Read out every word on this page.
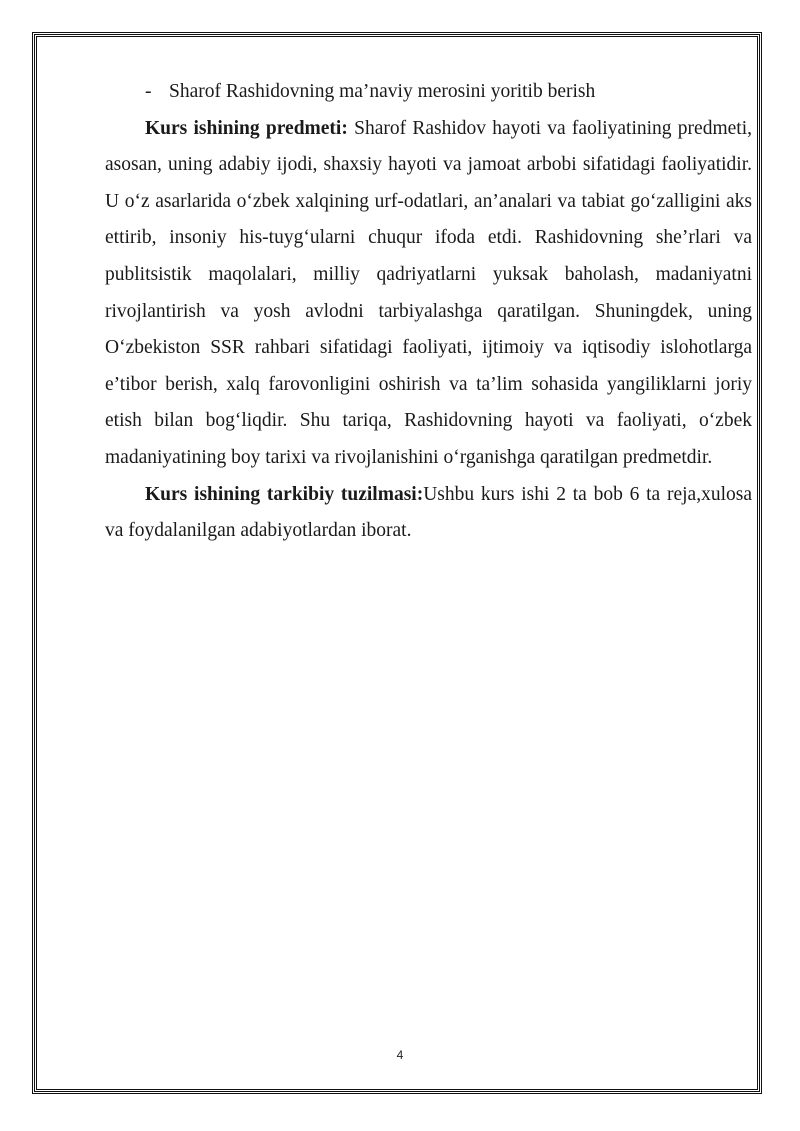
- Sharof Rashidovning ma’naviy merosini yoritib berish

Kurs ishining predmeti: Sharof Rashidov hayoti va faoliyatining predmeti, asosan, uning adabiy ijodi, shaxsiy hayoti va jamoat arbobi sifatidagi faoliyatidir. U o‘z asarlarida o‘zbek xalqining urf-odatlari, an’analari va tabiat go‘zalligini aks ettirib, insoniy his-tuyg‘ularni chuqur ifoda etdi. Rashidovning she’rlari va publitsistik maqolalari, milliy qadriyatlarni yuksak baholash, madaniyatni rivojlantirish va yosh avlodni tarbiyalashga qaratilgan. Shuningdek, uning O‘zbekiston SSR rahbari sifatidagi faoliyati, ijtimoiy va iqtisodiy islohotlarga e’tibor berish, xalq farovonligini oshirish va ta’lim sohasida yangiliklarni joriy etish bilan bog‘liqdir. Shu tariqa, Rashidovning hayoti va faoliyati, o‘zbek madaniyatining boy tarixi va rivojlanishini o‘rganishga qaratilgan predmetdir.

Kurs ishining tarkibiy tuzilmasi:Ushbu kurs ishi 2 ta bob 6 ta reja,xulosa va foydalanilgan adabiyotlardan iborat.

4
